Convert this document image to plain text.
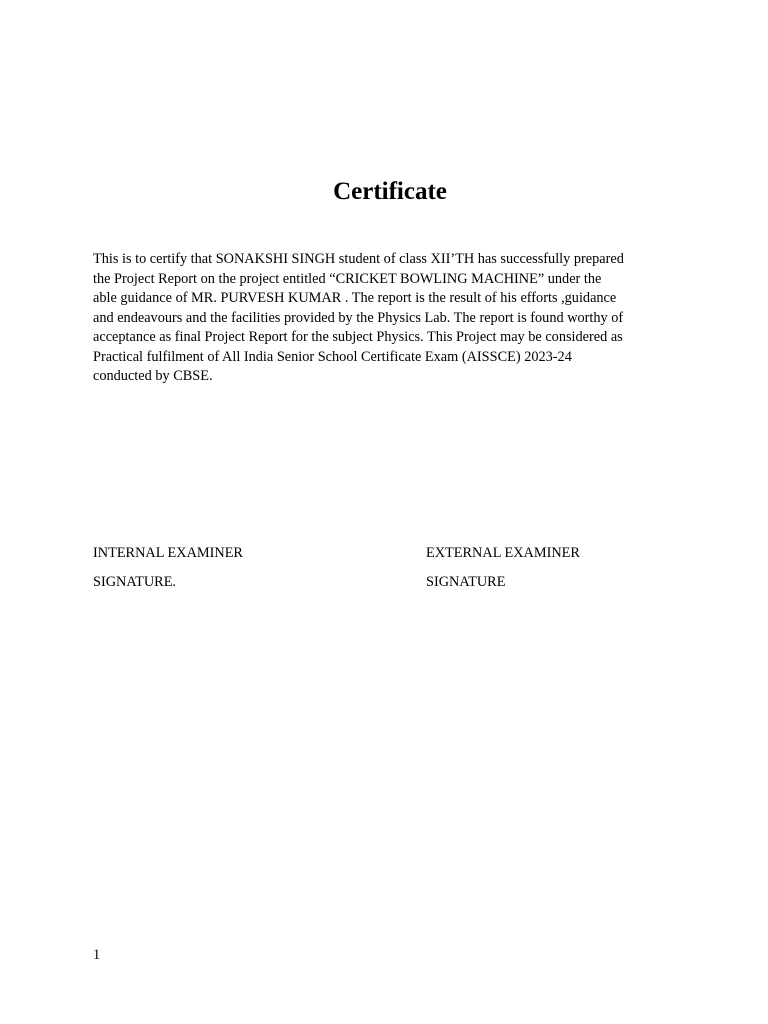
Certificate

This is to certify that SONAKSHI SINGH student of class XII’TH has successfully prepared
the Project Report on the project entitled “CRICKET BOWLING MACHINE” under the
able guidance of MR. PURVESH KUMAR . The report is the result of his efforts ,guidance
and endeavours and the facilities provided by the Physics Lab. The report is found worthy of
acceptance as final Project Report for the subject Physics. This Project may be considered as
Practical fulfilment of All India Senior School Certificate Exam (AISSCE) 2023-24
conducted by CBSE.

INTERNAL EXAMINER

SIGNATURE.

EXTERNAL EXAMINER

SIGNATURE

1
